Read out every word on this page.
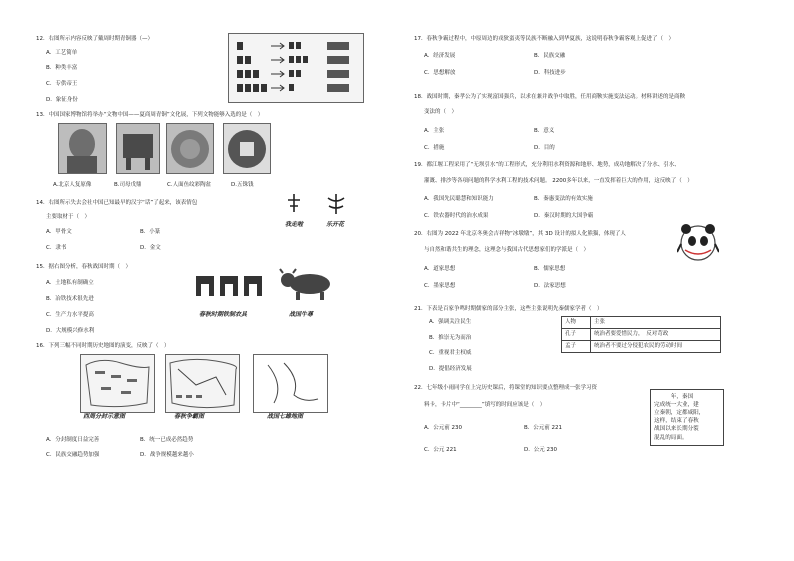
12．右图所示内容反映了戴周时期青铜器（—）
A．工艺简单
B．种类丰富
C．专供帝王
D．象征身份
13．中国国家博物馆将举办“文物中国——夏商周青铜”文化展，下列文物能够入选的是（　）
A.北京人复原像	B.司母戊鼎	C.人面鱼纹彩陶盆	D.五铢钱
14．右图所示失去会社中国已知最早的汉字“话”了起来，该表情包
主要取材于（　）
A．甲骨文	B．小篆
C．隶书	D．金文
我走啦	乐开花
15．据右图分析，春秋战国时期（　）
A．土地私有制确立
B．冶铁技术很先进
C．生产力水平提高
D．大规模兴修水利
春秋时期铁制农具	战国牛尊
16．下列三幅不同时期历史地图的演变，反映了（　）
西周分封示意图	春秋争霸图	战国七雄地图
A．分封制度日益完善	B．统一已成必然趋势
C．民族交融趋势加强	D．战争规模越来越小
17．春秋争霸过程中，中原周边的戎狄蛮夷等民族不断融入到华夏族，这说明春秋争霸客观上促进了（　）
A．经济发展	B．民族交融
C．思想解放	D．科技进步
18．战国时期，秦孝公为了实现富国强兵，以求在兼并战争中取胜，任用商鞅实施变法运动。材料讲述的是商鞅
变法的（　）
A．主张	B．意义
C．措施	D．目的
19．都江堰工程采用了“无坝引水”的工程形式，充分利用水利资源和地形、地势，成功地解决了分水、引水、
灌溉、排沙等各项问题的科学水利工程的技术问题。 2200多年以来，一直发挥着巨大的作用，这反映了（　）
A．我国先民聪慧和知识能力	B．秦惠变法的有效实施
C．铁农器时代的治水成果	D．秦汉时期的大国争霸
20．右图为 2022 年北京冬奥会吉祥物“冰墩墩”，其 3D 设计的拟人化熊猫，体现了人
与自然和谐共生的理念，这理念与我国古代思想家们的学派是（　）
A．道家思想	B．儒家思想
C．墨家思想	D．法家思想
21．下表是百家争鸣时期儒家的部分主张，这些主张说明先秦儒家学者（　）
A．强调关注民生
B．推崇无为而治
C．重视君主权威
D．提倡经济发展
人物	主张
孔子	统治者要爱惜民力，　反对苛政
孟子	统治者不要过分侵犯农民的劳动时间
22．七年级小雨同学在上完历史课后，将课堂的知识要点整理成一张学习资
料卡，卡片中“________”填写的时间应该是（　）
A．公元前 230	B．公元前 221
C．公元 221	D．公元 230
　　　年，秦国
完成统一大业，建
立秦朝，定都咸阳，
这样，结束了春秋
战国以来长期分裂
混乱的局面。
